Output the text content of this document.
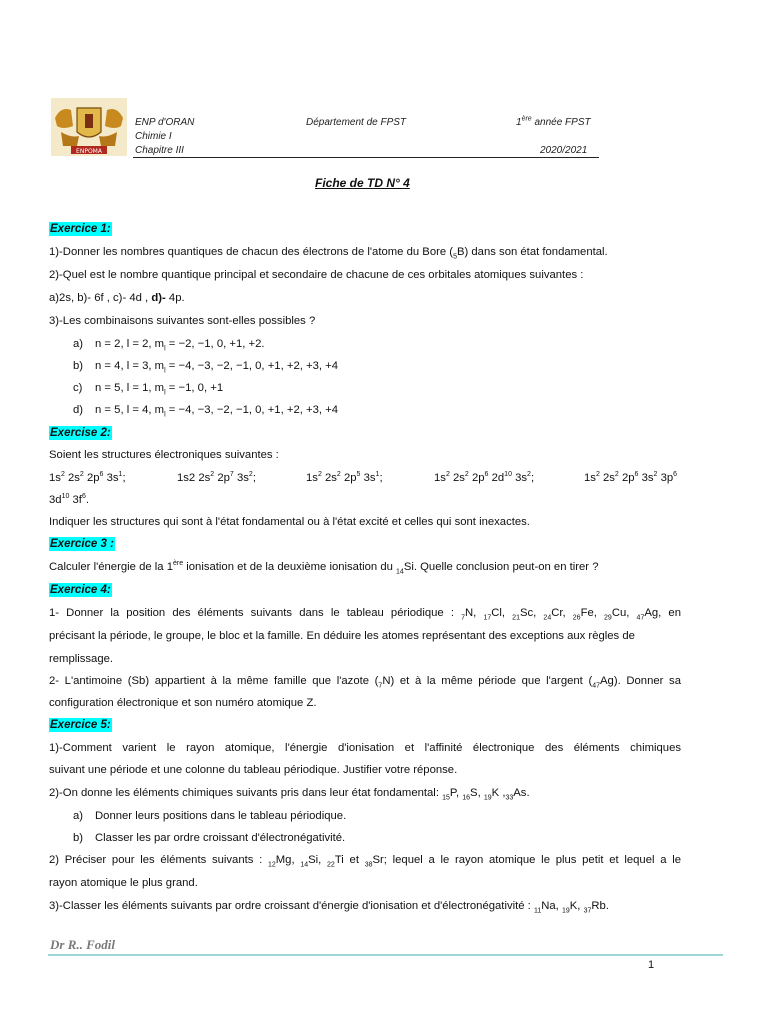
ENPOMA
ENP d'ORAN
Chimie I
Chapitre III
Département de FPST	1ère année FPST
2020/2021
Fiche de TD N° 4
Exercice 1:
1)-Donner les nombres quantiques de chacun des électrons de l'atome du Bore $(_5B)$ dans son état fondamental.
2)-Quel est le nombre quantique principal et secondaire de chacune de ces orbitales atomiques suivantes :
a)2s, b)- 6f , c)- 4d , d)- 4p.
3)-Les combinaisons suivantes sont-elles possibles ?
a) n = 2, l = 2, $m_l = -2$, −1, 0, +1, +2.
b) n = 4, l = 3, $m_l = -4$, −3, −2, −1, 0, +1, +2, +3, +4
c) n = 5, l = 1, $m_l = -1$, 0, +1
d) n = 5, l = 4, $m_l = -4$, −3, −2, −1, 0, +1, +2, +3, +4
Exercise 2:
Soient les structures électroniques suivantes :
$1s^2$ $2s^2$ $2p^6$ $3s^1$;	1s2 $2s^2$ $2p^7$ $3s^2$;	$1s^2$ $2s^2$ $2p^5$ $3s^1$;	$1s^2$ $2s^2$ $2p^6$ $2d^{10}$ $3s^2$;	$1s^2$ $2s^2$ $2p^6$ $3s^2$ $3p^6$
$3d^{10}$ $3f^6$.
Indiquer les structures qui sont à l'état fondamental ou à l'état excité et celles qui sont inexactes.
Exercice 3 :
Calculer l'énergie de la 1ère ionisation et de la deuxième ionisation du $_{14}$Si. Quelle conclusion peut-on en tirer ?
Exercice 4:
1- Donner la position des éléments suivants dans le tableau périodique : $_7$N, $_{17}$Cl, $_{21}$Sc, $_{24}$Cr, $_{26}$Fe, $_{29}$Cu, $_{47}$Ag, en
précisant la période, le groupe, le bloc et la famille. En déduire les atomes représentant des exceptions aux règles de
remplissage.
2- L'antimoine (Sb) appartient à la même famille que l'azote $(_7N)$ et à la même période que l'argent $(_{47}Ag)$. Donner sa
configuration électronique et son numéro atomique Z.
Exercice 5:
1)-Comment varient le rayon atomique, l'énergie d'ionisation et l'affinité électronique des éléments chimiques
suivant une période et une colonne du tableau périodique. Justifier votre réponse.
2)-On donne les éléments chimiques suivants pris dans leur état fondamental: $_{15}$P, $_{16}$S, $_{19}$K $,_{33}As$.
a) Donner leurs positions dans le tableau périodique.
b) Classer les par ordre croissant d'électronégativité.
2) Préciser pour les éléments suivants : $_{12}$Mg, $_{14}$Si, $_{22}$Ti et $_{38}$Sr; lequel a le rayon atomique le plus petit et lequel a le
rayon atomique le plus grand.
3)-Classer les éléments suivants par ordre croissant d'énergie d'ionisation et d'électronégativité : $_{11}$Na, $_{19}$K, $_{37}$Rb.
Dr R.. Fodil
1
